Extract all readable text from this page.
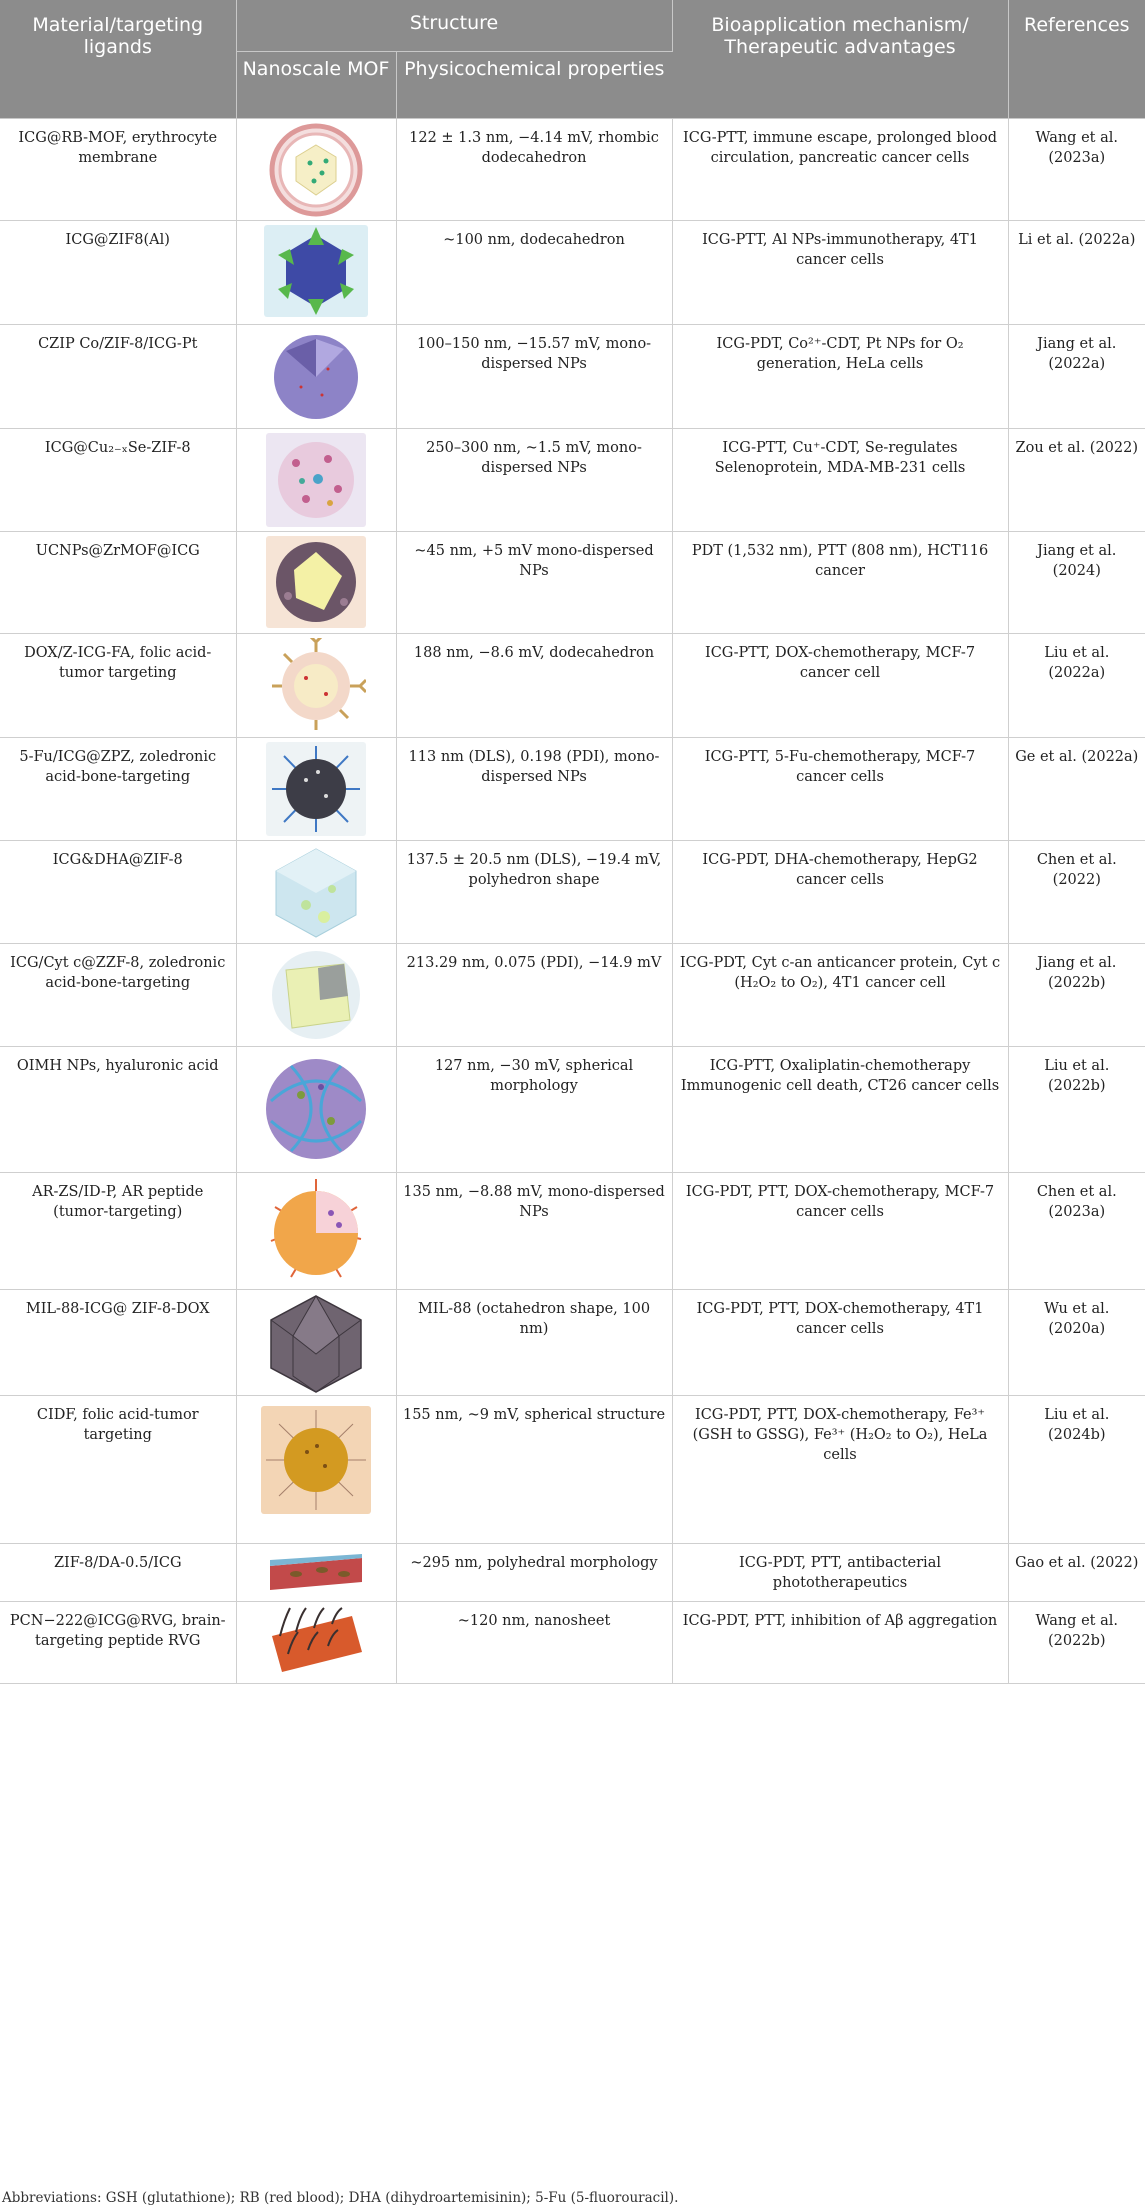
Material/targeting ligands	Structure		Bioapplication mechanism/ Therapeutic advantages	References
	Nanoscale MOF	Physicochemical properties		
ICG@RB-MOF, erythrocyte membrane		122 ± 1.3 nm, −4.14 mV, rhombic dodecahedron	ICG-PTT, immune escape, prolonged blood circulation, pancreatic cancer cells	Wang et al. (2023a)
ICG@ZIF8(Al)		~100 nm, dodecahedron	ICG-PTT, Al NPs-immunotherapy, 4T1 cancer cells	Li et al. (2022a)
CZIP Co/ZIF-8/ICG-Pt		100–150 nm, −15.57 mV, mono-dispersed NPs	ICG-PDT, Co²⁺-CDT, Pt NPs for O₂ generation, HeLa cells	Jiang et al. (2022a)
ICG@Cu₂₋ₓSe-ZIF-8		250–300 nm, ~1.5 mV, mono-dispersed NPs	ICG-PTT, Cu⁺-CDT, Se-regulates Selenoprotein, MDA-MB-231 cells	Zou et al. (2022)
UCNPs@ZrMOF@ICG		~45 nm, +5 mV mono-dispersed NPs	PDT (1,532 nm), PTT (808 nm), HCT116 cancer	Jiang et al. (2024)
DOX/Z-ICG-FA, folic acid-tumor targeting		188 nm, −8.6 mV, dodecahedron	ICG-PTT, DOX-chemotherapy, MCF-7 cancer cell	Liu et al. (2022a)
5-Fu/ICG@ZPZ, zoledronic acid-bone-targeting		113 nm (DLS), 0.198 (PDI), mono-dispersed NPs	ICG-PTT, 5-Fu-chemotherapy, MCF-7 cancer cells	Ge et al. (2022a)
ICG&DHA@ZIF-8		137.5 ± 20.5 nm (DLS), −19.4 mV, polyhedron shape	ICG-PDT, DHA-chemotherapy, HepG2 cancer cells	Chen et al. (2022)
ICG/Cyt c@ZZF-8, zoledronic acid-bone-targeting		213.29 nm, 0.075 (PDI), −14.9 mV	ICG-PDT, Cyt c-an anticancer protein, Cyt c (H₂O₂ to O₂), 4T1 cancer cell	Jiang et al. (2022b)
OIMH NPs, hyaluronic acid		127 nm, −30 mV, spherical morphology	ICG-PTT, Oxaliplatin-chemotherapy Immunogenic cell death, CT26 cancer cells	Liu et al. (2022b)
AR-ZS/ID-P, AR peptide (tumor-targeting)		135 nm, −8.88 mV, mono-dispersed NPs	ICG-PDT, PTT, DOX-chemotherapy, MCF-7 cancer cells	Chen et al. (2023a)
MIL-88-ICG@ ZIF-8-DOX		MIL-88 (octahedron shape, 100 nm)	ICG-PDT, PTT, DOX-chemotherapy, 4T1 cancer cells	Wu et al. (2020a)
CIDF, folic acid-tumor targeting		155 nm, ~9 mV, spherical structure	ICG-PDT, PTT, DOX-chemotherapy, Fe³⁺ (GSH to GSSG), Fe³⁺ (H₂O₂ to O₂), HeLa cells	Liu et al. (2024b)
ZIF-8/DA-0.5/ICG		~295 nm, polyhedral morphology	ICG-PDT, PTT, antibacterial phototherapeutics	Gao et al. (2022)
PCN−222@ICG@RVG, brain-targeting peptide RVG		~120 nm, nanosheet	ICG-PDT, PTT, inhibition of Aβ aggregation	Wang et al. (2022b)
Abbreviations: GSH (glutathione); RB (red blood); DHA (dihydroartemisinin); 5-Fu (5-fluorouracil).
